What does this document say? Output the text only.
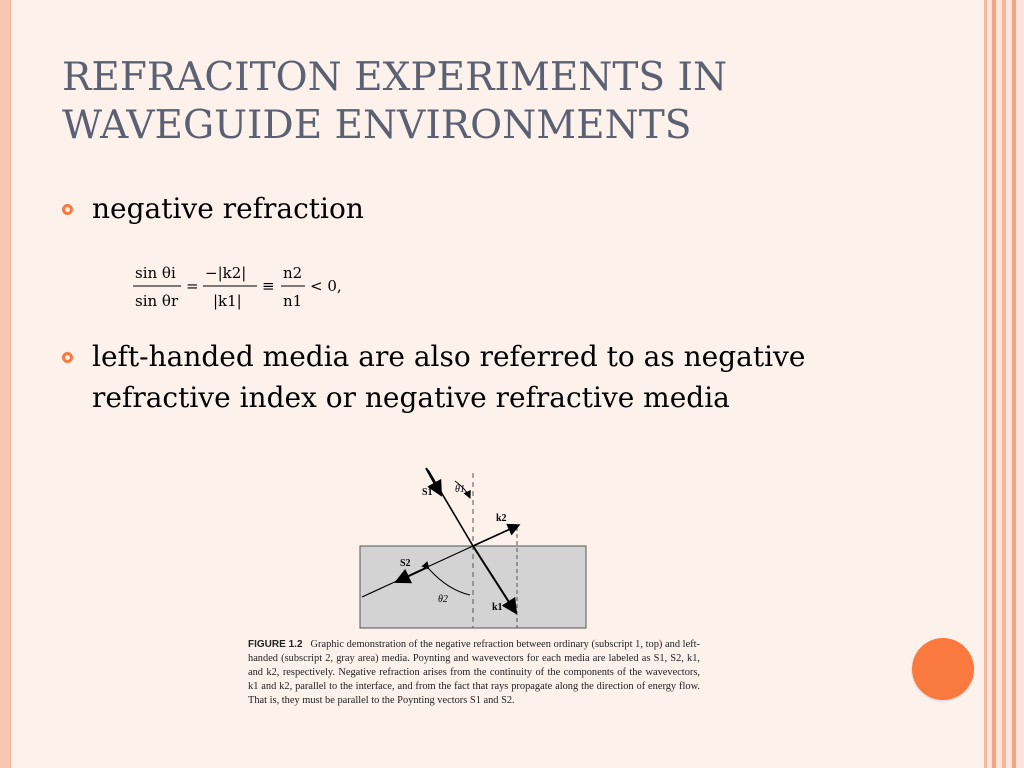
REFRACITON EXPERIMENTS IN WAVEGUIDE ENVIRONMENTS
negative refraction
sin θi
sin θr
=
−|k2|
|k1|
≡
n2
n1
< 0,
left-handed media are also referred to as negative refractive index or negative refractive media
S1 θ1
k2
S2
θ2
k1
FIGURE 1.2 Graphic demonstration of the negative refraction between ordinary (subscript 1, top) and left-handed (subscript 2, gray area) media. Poynting and wavevectors for each media are labeled as S1, S2, k1, and k2, respectively. Negative refraction arises from the continuity of the components of the wavevectors, k1 and k2, parallel to the interface, and from the fact that rays propagate along the direction of energy flow. That is, they must be parallel to the Poynting vectors S1 and S2.
